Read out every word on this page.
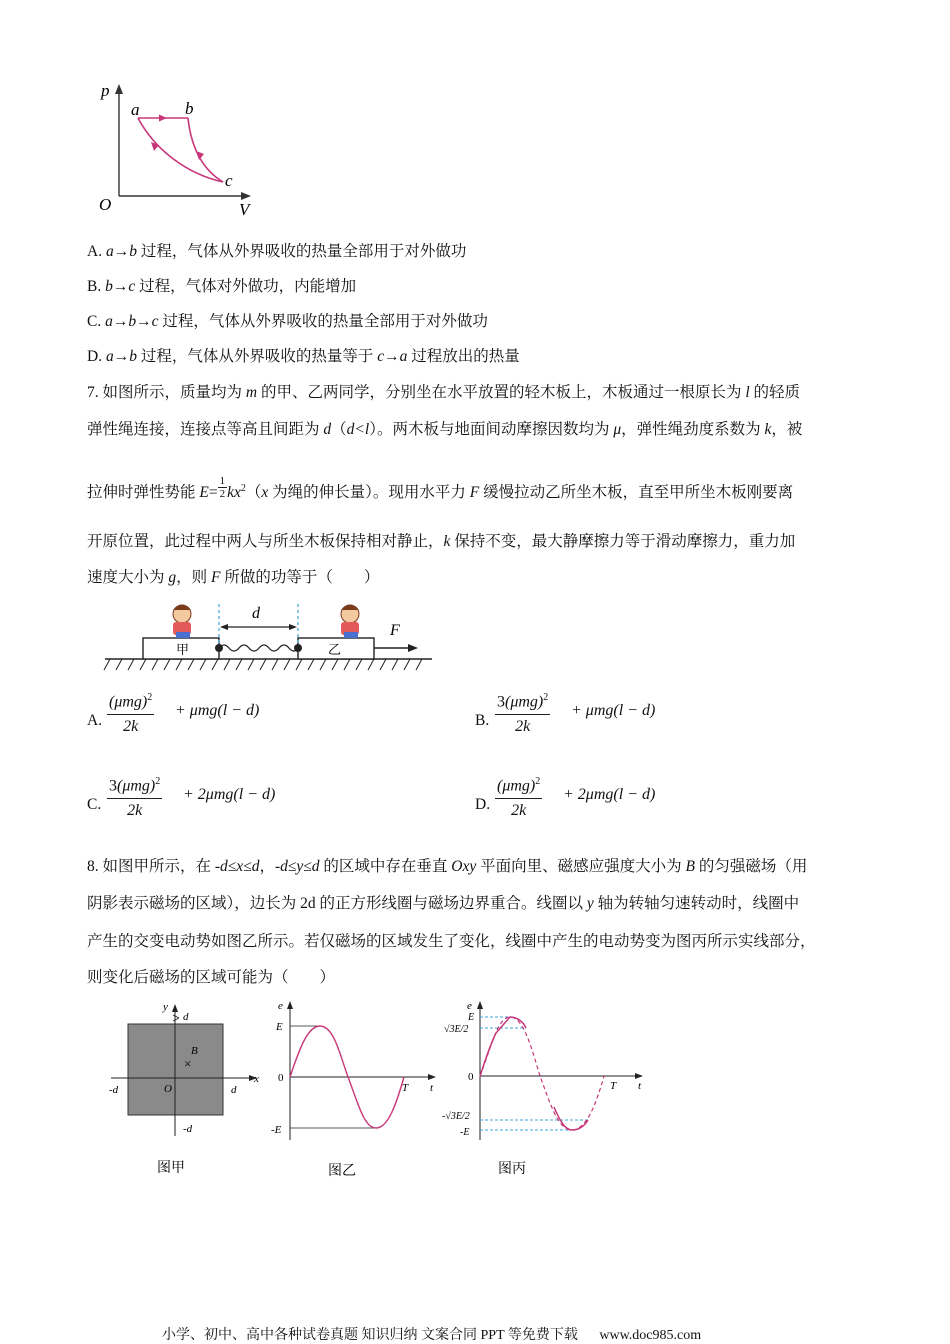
p
V
O
a	b
c
A. a→b 过程，气体从外界吸收的热量全部用于对外做功
B. b→c 过程，气体对外做功，内能增加
C. a→b→c 过程，气体从外界吸收的热量全部用于对外做功
D. a→b 过程，气体从外界吸收的热量等于 c→a 过程放出的热量
7. 如图所示，质量均为 m 的甲、乙两同学，分别坐在水平放置的轻木板上，木板通过一根原长为 l 的轻质
弹性绳连接，连接点等高且间距为 d（d<l）。两木板与地面间动摩擦因数均为 μ，弹性绳劲度系数为 k，被
拉伸时弹性势能 $E= \frac{1}{2} kx^2(x$ 为绳的伸长量）。现用水平力 F 缓慢拉动乙所坐木板，直至甲所坐木板刚要离
开原位置，此过程中两人与所坐木板保持相对静止，k 保持不变，最大静摩擦力等于滑动摩擦力，重力加
速度大小为 g，则 F 所做的功等于（　　）
甲	乙
d
F
A.
$(\mu mg)^2$
2k
+ μmg(l − d)
B.
$3(\mu mg)^2$
2k
+ μmg(l − d)
C.
$3(\mu mg)^2$
2k
+ 2μmg(l − d)
D.
$(\mu mg)^2$
2k
+ 2μmg(l − d)
8. 如图甲所示，在 -d≤x≤d，-d≤y≤d 的区域中存在垂直 Oxy 平面向里、磁感应强度大小为 B 的匀强磁场（用
阴影表示磁场的区域），边长为 2d 的正方形线圈与磁场边界重合。线圈以 y 轴为转轴匀速转动时，线圈中
产生的交变电动势如图乙所示。若仅磁场的区域发生了变化，线圈中产生的电动势变为图丙所示实线部分，
则变化后磁场的区域可能为（　　）
x
y
O
B
×
d
-d
d
-d
图甲
e
t
T
E
0
-E
图乙
e
t
T
E
√3E/2
0
-√3E/2
-E
图丙
小学、初中、高中各种试卷真题 知识归纳 文案合同 PPT 等免费下载 www.doc985.com
